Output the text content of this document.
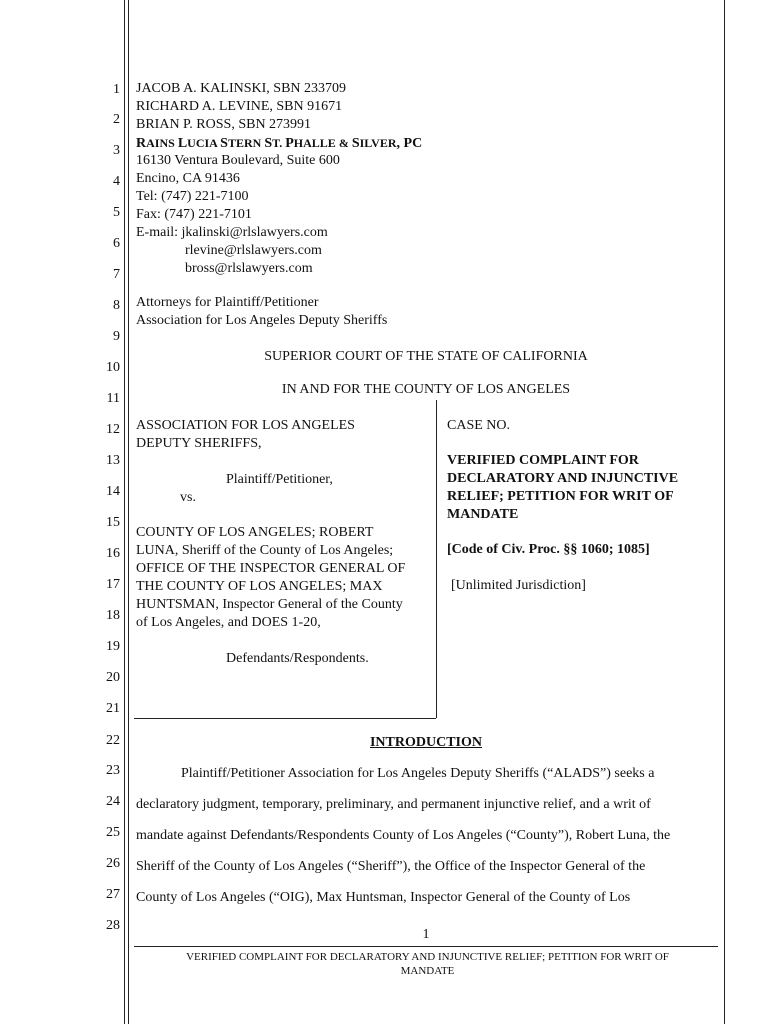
1
2
3
4
5
6
7
8
9
10
11
12
13
14
15
16
17
18
19
20
21
22
23
24
25
26
27
28
JACOB A. KALINSKI, SBN 233709
RICHARD A. LEVINE, SBN 91671
BRIAN P. ROSS, SBN 273991
RAINS LUCIA STERN ST. PHALLE & SILVER, PC
16130 Ventura Boulevard, Suite 600
Encino, CA 91436
Tel: (747) 221-7100
Fax: (747) 221-7101
E-mail: jkalinski@rlslawyers.com
rlevine@rlslawyers.com
bross@rlslawyers.com
Attorneys for Plaintiff/Petitioner
Association for Los Angeles Deputy Sheriffs
SUPERIOR COURT OF THE STATE OF CALIFORNIA
IN AND FOR THE COUNTY OF LOS ANGELES
ASSOCIATION FOR LOS ANGELES
DEPUTY SHERIFFS,
Plaintiff/Petitioner,
vs.
COUNTY OF LOS ANGELES; ROBERT
LUNA, Sheriff of the County of Los Angeles;
OFFICE OF THE INSPECTOR GENERAL OF
THE COUNTY OF LOS ANGELES; MAX
HUNTSMAN, Inspector General of the County
of Los Angeles, and DOES 1-20,
Defendants/Respondents.
CASE NO.
VERIFIED COMPLAINT FOR
DECLARATORY AND INJUNCTIVE
RELIEF; PETITION FOR WRIT OF
MANDATE
[Code of Civ. Proc. §§ 1060; 1085]
[Unlimited Jurisdiction]
INTRODUCTION
Plaintiff/Petitioner Association for Los Angeles Deputy Sheriffs (“ALADS”) seeks a
declaratory judgment, temporary, preliminary, and permanent injunctive relief, and a writ of
mandate against Defendants/Respondents County of Los Angeles (“County”), Robert Luna, the
Sheriff of the County of Los Angeles (“Sheriff”), the Office of the Inspector General of the
County of Los Angeles (“OIG), Max Huntsman, Inspector General of the County of Los
1
VERIFIED COMPLAINT FOR DECLARATORY AND INJUNCTIVE RELIEF; PETITION FOR WRIT OF
MANDATE
